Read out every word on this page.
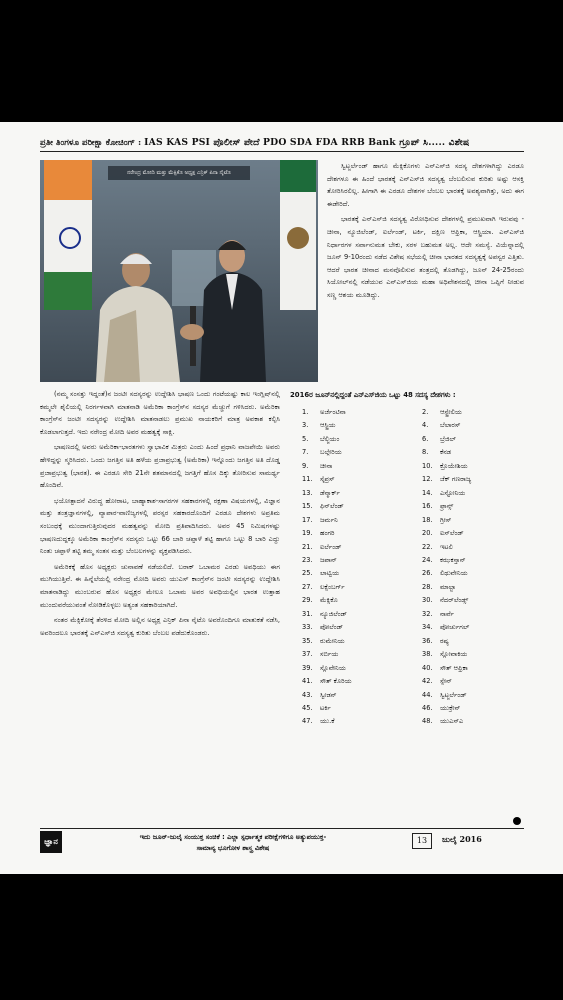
ಪ್ರತೀ ತಿಂಗಳೂ ಪರೀಕ್ಷಾ ಕೋಚಿಂಗ್ : IAS KAS PSI ಪೊಲೀಸ್ ಪೇದೆ PDO SDA FDA RRB Bank ಗ್ರೂಪ್ ಸಿ..... ವಿಶೇಷ
ನರೇಂದ್ರ ಮೋದಿ ಮತ್ತು ಮೆಕ್ಸಿಕೊ ಅಧ್ಯಕ್ಷ ಎನ್ರಿಕ್ ಪಿನಾ ನೈಟೊ

ಸ್ವಿಟ್ಜರ್ಲೆಂಡ್ ಹಾಗೂ ಮೆಕ್ಸಿಕೊಗಳು ಎನ್‌ಎಸ್‌ಜಿ ಸದಸ್ಯ ದೇಶಗಳಾಗಿದ್ದು ಎರಡೂ ದೇಶಗಳೂ ಈ ಹಿಂದೆ ಭಾರತಕ್ಕೆ ಎನ್‌ಎಸ್‌ಜಿ ಸದಸ್ಯತ್ವ ಬೆಂಬಲಿಸುವ ಕುರಿತು ಅಷ್ಟು ಆಸಕ್ತಿ ತೋರಿಸಿರಲಿಲ್ಲ. ಹೀಗಾಗಿ ಈ ಎರಡೂ ದೇಶಗಳ ಬೆಂಬಲ ಭಾರತಕ್ಕೆ ಅವಶ್ಯವಾಗಿತ್ತು, ಅದು ಈಗ ಈಡೇರಿದೆ.

ಭಾರತಕ್ಕೆ ಎನ್‌ಎಸ್‌ಜಿ ಸದಸ್ಯತ್ವ ವಿರೋಧಿಸುವ ದೇಶಗಳಲ್ಲಿ ಪ್ರಮುಖವಾಗಿ ಇರುವವು - ಚೀನಾ, ನ್ಯೂಜಿಲೆಂಡ್, ಐರ್ಲೆಂಡ್, ಟರ್ಕಿ, ದಕ್ಷಿಣ ಆಫ್ರಿಕಾ, ಆಸ್ಟ್ರಿಯಾ. ಎನ್‌ಎಸ್‌ಜಿ ನಿರ್ಧಾರಗಳ ಸರ್ವಾನುಮತ ಬೇಕು, ಸರಳ ಬಹುಮತ ಅಲ್ಲ. ಆದೇ ಸಮಸ್ಯೆ. ವಿಯೆನ್ನಾದಲ್ಲಿ ಜೂನ್ 9-10ರಂದು ನಡೆದ ವಿಶೇಷ ಸಭೆಯಲ್ಲಿ ಚೀನಾ ಭಾರತದ ಸದಸ್ಯತ್ವಕ್ಕೆ ಅಪಸ್ವರ ಎತ್ತಿತು. ಆದರೆ ಭಾರತ ಚೀನಾದ ಮನವೊಲಿಸುವ ತಂತ್ರದಲ್ಲಿ ತೊಡಗಿದ್ದು, ಜೂನ್ 24-25ರಂದು ಸಿಯೋಲ್‌ನಲ್ಲಿ ನಡೆಯುವ ಎನ್‌ಎಸ್‌ಜಿಯ ಮಹಾ ಅಧಿವೇಶನದಲ್ಲಿ ಚೀನಾ ಒಪ್ಪಿಗೆ ನೀಡುವ ಸಣ್ಣ ಆಶಯ ಮೂಡಿದ್ದು.

(ನಮ್ಮ ಸಂಸತ್ತು ಇದ್ದಂತೆ)ನ ಜಂಟೀ ಸದಸ್ಯರನ್ನು ಉದ್ದೇಶಿಸಿ ಭಾಷಣ ಒಂದು ಗಂಟೆಯಷ್ಟು ಕಾಲ ಇಂಗ್ಲಿಷ್‌ನಲ್ಲಿ ಕಮ್ಮಲೇ ಶೈಲಿಯಲ್ಲಿ ನಿರರ್ಗಳವಾಗಿ ಮಾತನಾಡಿ ಅಮೆರಿಕಾ ಕಾಂಗ್ರೆಸ್‌ನ ಸದಸ್ಯರ ಮೆಚ್ಚುಗೆ ಗಳಿಸಿದರು. ಅಮೆರಿಕಾ ಕಾಂಗ್ರೆಸ್‌ನ ಜಂಟೀ ಸದಸ್ಯರನ್ನು ಉದ್ದೇಶಿಸಿ ಮಾತನಾಡಲು ಪ್ರಮುಖ ನಾಯಕರಿಗೆ ಮಾತ್ರ ಅವಕಾಶ ಕಲ್ಪಿಸಿ ಕೊಡಲಾಗುತ್ತದೆ. ಇದು ನರೇಂದ್ರ ಮೋದಿ ಅವರ ಮಹತ್ವಕ್ಕೆ ಸಾಕ್ಷಿ.

ಭಾಷಣದಲ್ಲಿ ಅವರು ಅಮೆರಿಕಾ-ಭಾರತಗಳು ಸ್ವಾಭಾವಿಕ ಮಿತ್ರರು ಎಂದು ಹಿಂದೆ ಪ್ರಧಾನಿ ವಾಜಪೇಯಿ ಅವರು ಹೇಳಿದ್ದನ್ನು ಸ್ಮರಿಸಿದರು. ಒಂದು ಜಗತ್ತಿನ ಅತಿ ಹಳೆಯ ಪ್ರಜಾಪ್ರಭುತ್ವ (ಅಮೆರಿಕಾ) ಇನ್ನೊಂದು ಜಗತ್ತಿನ ಅತಿ ದೊಡ್ಡ ಪ್ರಜಾಪ್ರಭುತ್ವ (ಭಾರತ). ಈ ಎರಡೂ ಸೇರಿ 21ನೇ ಶತಮಾನದಲ್ಲಿ ಜಗತ್ತಿಗೆ ಹೊಸ ದಿಕ್ಕು ತೋರಿಸುವ ಸಾಮರ್ಥ್ಯ ಹೊಂದಿವೆ.

ಭಯೋತ್ಪಾದನೆ ವಿರುದ್ಧ ಹೋರಾಟ, ಬಾಹ್ಯಾಕಾಶ-ಸಾಗರಗಳ ಸಹಕಾರಗಳಲ್ಲಿ ರಕ್ಷಣಾ ವಿಷಯಗಳಲ್ಲಿ, ವಿಜ್ಞಾನ ಮತ್ತು ತಂತ್ರಜ್ಞಾನಗಳಲ್ಲಿ, ವ್ಯಾಪಾರ-ವಾಣಿಜ್ಯಗಳಲ್ಲಿ ಪರಸ್ಪರ ಸಹಕಾರದೊಂದಿಗೆ ಎರಡೂ ದೇಶಗಳು ಅಪ್ರತಿಮ ಸಂಬಂಧಕ್ಕೆ ಮುಂದಾಗುತ್ತಿರುವುದರ ಮಹತ್ವವನ್ನು ಮೋದಿ ಪ್ರತಿಪಾದಿಸಿದರು. ಅವರ 45 ನಿಮಿಷಗಳಷ್ಟು ಭಾಷಣದುದ್ದಕ್ಕೂ ಅಮೆರಿಕಾ ಕಾಂಗ್ರೆಸ್‌ನ ಸದಸ್ಯರು ಒಟ್ಟು 66 ಬಾರಿ ಚಪ್ಪಾಳೆ ತಟ್ಟಿ ಹಾಗೂ ಒಟ್ಟು 8 ಬಾರಿ ಎದ್ದು ನಿಂತು ಚಪ್ಪಾಳೆ ತಟ್ಟಿ ತಮ್ಮ ಸಂತಸ ಮತ್ತು ಬೆಂಬಲಗಳನ್ನು ವ್ಯಕ್ತಪಡಿಸಿದರು.

ಅಮೆರಿಕಕ್ಕೆ ಹೊಸ ಅಧ್ಯಕ್ಷರು ಚುನಾವಣೆ ನಡೆಯಲಿದೆ. ಬರಾಕ್ ಒಬಾಮರ ಎರಡು ಅವಧಿಯು ಈಗ ಮುಗಿಯುತ್ತಿವೆ. ಈ ಹಿನ್ನೆಲೆಯಲ್ಲಿ ನರೇಂದ್ರ ಮೋದಿ ಅವರು ಯುಎಸ್ ಕಾಂಗ್ರೆಸ್‌ನ ಜಂಟೀ ಸದಸ್ಯರನ್ನು ಉದ್ದೇಶಿಸಿ ಮಾತನಾಡಿದ್ದು ಮುಂಬರುವ ಹೊಸ ಅಧ್ಯಕ್ಷರ ಮೇಲೂ ಒಬಾಮ ಅವರ ಅವಧಿಯಲ್ಲಿನ ಭಾರತ ಉತ್ತಾಹ ಮುಂದುವರೆಯುವಂತೆ ನೋಡಿಕೊಳ್ಳಲು ಅತ್ಯಂತ ಸಹಕಾರಿಯಾಗಿದೆ.

ನಂತರ ಮೆಕ್ಸಿಕೋಕ್ಕೆ ತೆರಳಿದ ಮೋದಿ ಅಲ್ಲಿನ ಅಧ್ಯಕ್ಷ ಎನ್ರಿಕ್ ಪಿನಾ ನೈಟೊ ಅವರೊಂದಿಗೂ ಮಾತುಕತೆ ನಡೆಸಿ, ಅವರಿಂದಲೂ ಭಾರತಕ್ಕೆ ಎನ್‌ಎಸ್‌ಜಿ ಸದಸ್ಯತ್ವ ಕುರಿತು ಬೆಂಬಲ ಪಡೆದುಕೊಂಡರು.

2016ರ ಜೂನ್‌ನಲ್ಲಿದ್ದಂತೆ ಎನ್‌ಎಸ್‌ಜಿಯ ಒಟ್ಟು 48 ಸದಸ್ಯ ದೇಶಗಳು :
1. ಅರ್ಜೆಂಟಿನಾ	2. ಆಸ್ಟ್ರೇಲಿಯ
3. ಆಸ್ಟ್ರಿಯ	4. ಬೆಲಾರಸ್
5. ಬೆಲ್ಜಿಯಂ	6. ಬ್ರೆಜಿಲ್
7. ಬಲ್ಗೇರಿಯ	8. ಕೆನಡ
9. ಚೀನಾ	10. ಕ್ರೊಯೇಶಿಯ
11. ಸೈಪ್ರಸ್	12. ಜೆಕ್ ಗಣರಾಜ್ಯ
13. ಡೆನ್ಮಾರ್ಕ್	14. ಎಸ್ಟೋನಿಯ
15. ಫಿನ್‌ಲೆಂಡ್	16. ಫ್ರಾನ್ಸ್
17. ಜರ್ಮನಿ	18. ಗ್ರೀಸ್
19. ಹಂಗರಿ	20. ಐಸ್‌ಲೆಂಡ್
21. ಐರ್ಲೆಂಡ್	22. ಇಟಲಿ
23. ಜಪಾನ್	24. ಕಝಕಸ್ತಾನ್
25. ಲಾಟ್ವಿಯ	26. ಲಿಥುವೇನಿಯ
27. ಲಕ್ಸೆಂಬರ್ಗ್	28. ಮಾಲ್ಟಾ
29. ಮೆಕ್ಸಿಕೊ	30. ನೆದರ್‌ಲೆಂಡ್ಸ್
31. ನ್ಯೂಜಿಲೆಂಡ್	32. ನಾರ್ವೆ
33. ಪೋಲೆಂಡ್	34. ಪೋರ್ಚುಗಲ್
35. ರುಮೇನಿಯ	36. ರಷ್ಯ
37. ಸರ್ಬಿಯ	38. ಸ್ಲೋವಾಕಿಯ
39. ಸ್ಲೊವೇನಿಯ	40. ಸೌತ್ ಆಫ್ರಿಕಾ
41. ಸೌತ್ ಕೊರಿಯ	42. ಸ್ಪೇನ್
43. ಸ್ವೀಡನ್	44. ಸ್ವಿಟ್ಜರ್ಲೆಂಡ್
45. ಟರ್ಕಿ	46. ಯುಕ್ರೇನ್
47. ಯು.ಕೆ	48. ಯುಎಸ್‌ಎ
ಜ್ಞಾನ	ಇದು ಜೂನ್-ಜುಲೈ ಸಂಯುಕ್ತ ಸಂಚಿಕೆ : ಎಲ್ಲಾ ಸ್ಪರ್ಧಾತ್ಮಕ ಪರೀಕ್ಷೆಗಳಿಗೂ ಅತ್ಯುಪಯುಕ್ತ-
ಸಾಮಾನ್ಯ ಭೂಗೋಳ ಶಾಸ್ತ್ರ ವಿಶೇಷ
13	ಜುಲೈ 2016
